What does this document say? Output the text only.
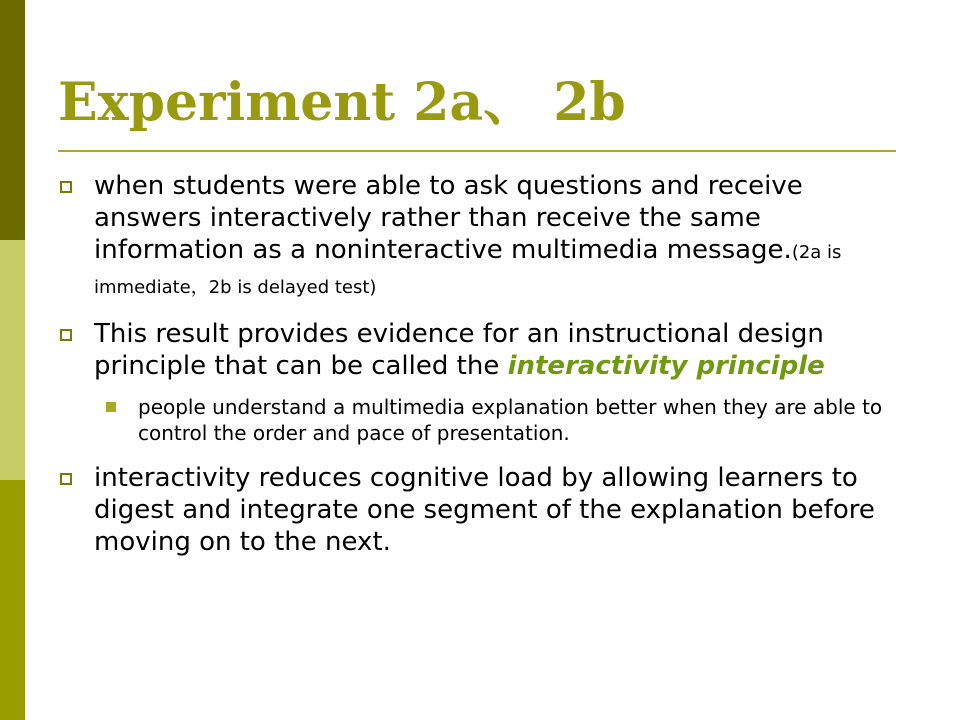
Experiment 2a、 2b
when students were able to ask questions and receive answers interactively rather than receive the same information as a noninteractive multimedia message.(2a is immediate，2b is delayed test)
This result provides evidence for an instructional design principle that can be called the interactivity principle
people understand a multimedia explanation better when they are able to control the order and pace of presentation.
interactivity reduces cognitive load by allowing learners to digest and integrate one segment of the explanation before moving on to the next.
